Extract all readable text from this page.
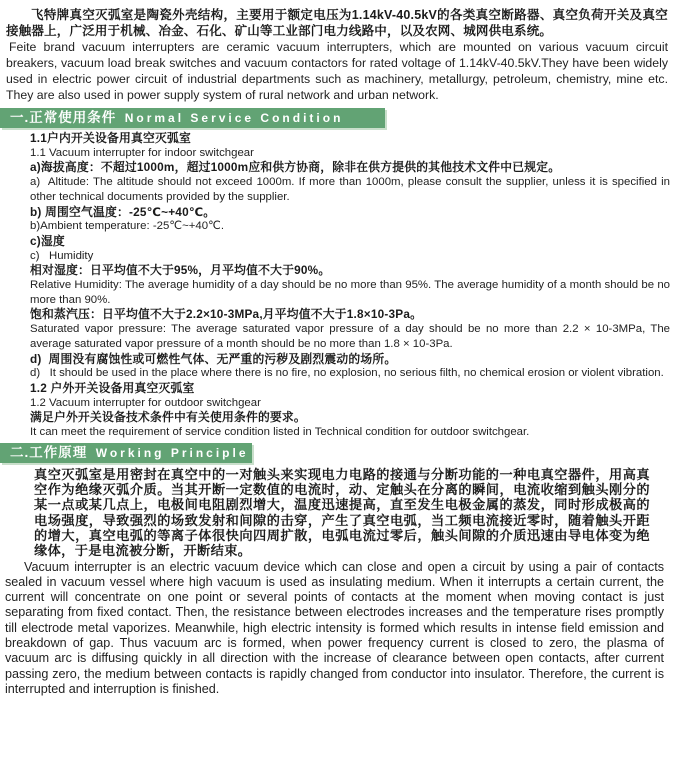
飞特牌真空灭弧室是陶瓷外壳结构，主要用于额定电压为1.14kV-40.5kV的各类真空断路器、真空负荷开关及真空接触器上，广泛用于机械、冶金、石化、矿山等工业部门电力线路中，以及农网、城网供电系统。

Feite brand vacuum interrupters are ceramic vacuum interrupters, which are mounted on various vacuum circuit breakers, vacuum load break switches and vacuum contactors for rated voltage of 1.14kV-40.5kV.They have been widely used in electric power circuit of industrial departments such as machinery, metallurgy, petroleum, chemistry, mine etc. They are also used in power supply system of rural network and urban network.

一.正常使用条件 Normal Service Condition

1.1户内开关设备用真空灭弧室

1.1 Vacuum interrupter for indoor switchgear

a)海拔高度：不超过1000m，超过1000m应和供方协商，除非在供方提供的其他技术文件中已规定。

a)  Altitude: The altitude should not exceed 1000m. If more than 1000m, please consult the supplier, unless it is specified in other technical documents provided by the supplier.

b) 周围空气温度：-25℃~+40℃。

b)Ambient temperature: -25℃~+40℃.

c)湿度

c)   Humidity

相对湿度：日平均值不大于95%，月平均值不大于90%。

Relative Humidity: The average humidity of a day should be no more than 95%. The average humidity of a month should be no more than 90%.

饱和蒸汽压：日平均值不大于2.2×10-3MPa,月平均值不大于1.8×10-3Pa。

Saturated vapor pressure: The average saturated vapor pressure of a day should be no more than 2.2 × 10-3MPa, The average saturated vapor pressure of a month should be no more than 1.8 × 10-3Pa.

d)  周围没有腐蚀性或可燃性气体、无严重的污秽及剧烈震动的场所。

d)   It should be used in the place where there is no fire, no explosion, no serious filth, no chemical erosion or violent vibration.

1.2 户外开关设备用真空灭弧室

1.2 Vacuum interrupter for outdoor switchgear

满足户外开关设备技术条件中有关使用条件的要求。

It can meet the requirement of service condition listed in Technical condition for outdoor switchgear.

二.工作原理 Working Principle

真空灭弧室是用密封在真空中的一对触头来实现电力电路的接通与分断功能的一种电真空器件，用高真空作为绝缘灭弧介质。当其开断一定数值的电流时，动、定触头在分离的瞬间，电流收缩到触头刚分的某一点或某几点上，电极间电阻剧烈增大，温度迅速提高，直至发生电极金属的蒸发，同时形成极高的电场强度，导致强烈的场致发射和间隙的击穿，产生了真空电弧，当工频电流接近零时，随着触头开距的增大，真空电弧的等离子体很快向四周扩散，电弧电流过零后，触头间隙的介质迅速由导电体变为绝缘体，于是电流被分断，开断结束。

Vacuum interrupter is an electric vacuum device which can close and open a circuit by using a pair of contacts sealed in vacuum vessel where high vacuum is used as insulating medium. When it interrupts a certain current, the current will concentrate on one point or several points of contacts at the moment when moving contact is just separating from fixed contact. Then, the resistance between electrodes increases and the temperature rises promptly till electrode metal vaporizes. Meanwhile, high electric intensity is formed which results in intense field emission and breakdown of gap. Thus vacuum arc is formed, when power frequency current is closed to zero, the plasma of vacuum arc is diffusing quickly in all direction with the increase of clearance between open contacts, after current passing zero, the medium between contacts is rapidly changed from conductor into insulator. Therefore, the current is interrupted and interruption is finished.
